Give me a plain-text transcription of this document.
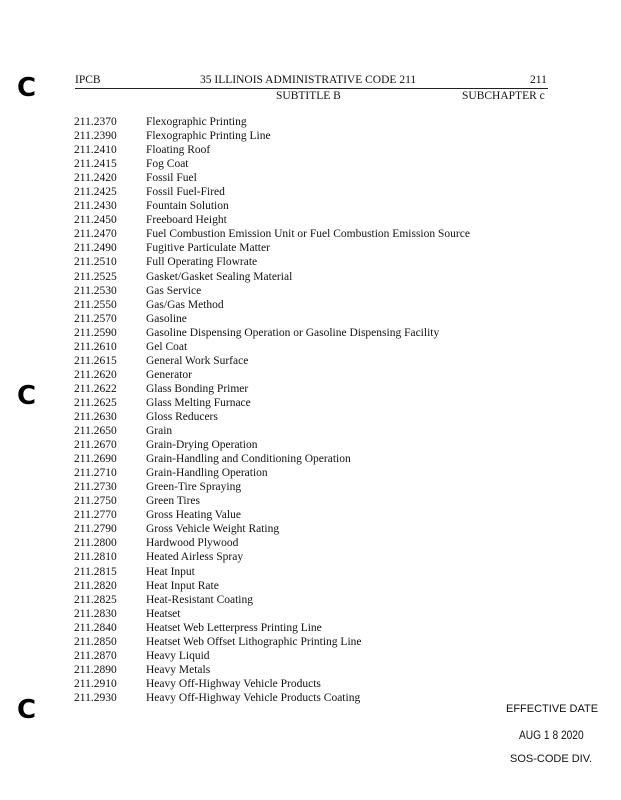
C
C
C
IPCB	35 ILLINOIS ADMINISTRATIVE CODE 211	211
SUBTITLE B	SUBCHAPTER c
211.2370	Flexographic Printing
211.2390	Flexographic Printing Line
211.2410	Floating Roof
211.2415	Fog Coat
211.2420	Fossil Fuel
211.2425	Fossil Fuel-Fired
211.2430	Fountain Solution
211.2450	Freeboard Height
211.2470	Fuel Combustion Emission Unit or Fuel Combustion Emission Source
211.2490	Fugitive Particulate Matter
211.2510	Full Operating Flowrate
211.2525	Gasket/Gasket Sealing Material
211.2530	Gas Service
211.2550	Gas/Gas Method
211.2570	Gasoline
211.2590	Gasoline Dispensing Operation or Gasoline Dispensing Facility
211.2610	Gel Coat
211.2615	General Work Surface
211.2620	Generator
211.2622	Glass Bonding Primer
211.2625	Glass Melting Furnace
211.2630	Gloss Reducers
211.2650	Grain
211.2670	Grain-Drying Operation
211.2690	Grain-Handling and Conditioning Operation
211.2710	Grain-Handling Operation
211.2730	Green-Tire Spraying
211.2750	Green Tires
211.2770	Gross Heating Value
211.2790	Gross Vehicle Weight Rating
211.2800	Hardwood Plywood
211.2810	Heated Airless Spray
211.2815	Heat Input
211.2820	Heat Input Rate
211.2825	Heat-Resistant Coating
211.2830	Heatset
211.2840	Heatset Web Letterpress Printing Line
211.2850	Heatset Web Offset Lithographic Printing Line
211.2870	Heavy Liquid
211.2890	Heavy Metals
211.2910	Heavy Off-Highway Vehicle Products
211.2930	Heavy Off-Highway Vehicle Products Coating
EFFECTIVE DATE
AUG 1 8 2020
SOS-CODE DIV.
